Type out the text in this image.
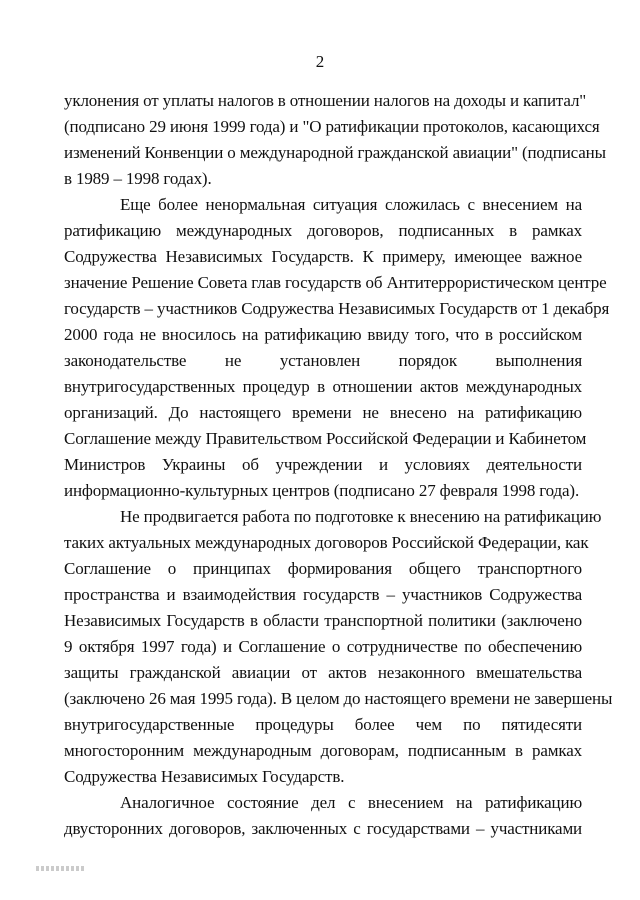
2

уклонения от уплаты налогов в отношении налогов на доходы и капитал"
(подписано 29 июня 1999 года) и "О ратификации протоколов, касающихся
изменений Конвенции о международной гражданской авиации" (подписаны
в 1989 – 1998 годах).

Еще более ненормальная ситуация сложилась с внесением на
ратификацию международных договоров, подписанных в рамках
Содружества Независимых Государств. К примеру, имеющее важное
значение Решение Совета глав государств об Антитеррористическом центре
государств – участников Содружества Независимых Государств от 1 декабря
2000 года не вносилось на ратификацию ввиду того, что в российском
законодательстве не установлен порядок выполнения
внутригосударственных процедур в отношении актов международных
организаций. До настоящего времени не внесено на ратификацию
Соглашение между Правительством Российской Федерации и Кабинетом
Министров Украины об учреждении и условиях деятельности
информационно-культурных центров (подписано 27 февраля 1998 года).

Не продвигается работа по подготовке к внесению на ратификацию
таких актуальных международных договоров Российской Федерации, как
Соглашение о принципах формирования общего транспортного
пространства и взаимодействия государств – участников Содружества
Независимых Государств в области транспортной политики (заключено
9 октября 1997 года) и Соглашение о сотрудничестве по обеспечению
защиты гражданской авиации от актов незаконного вмешательства
(заключено 26 мая 1995 года). В целом до настоящего времени не завершены
внутригосударственные процедуры более чем по пятидесяти
многосторонним международным договорам, подписанным в рамках
Содружества Независимых Государств.

Аналогичное состояние дел с внесением на ратификацию
двусторонних договоров, заключенных с государствами – участниками
